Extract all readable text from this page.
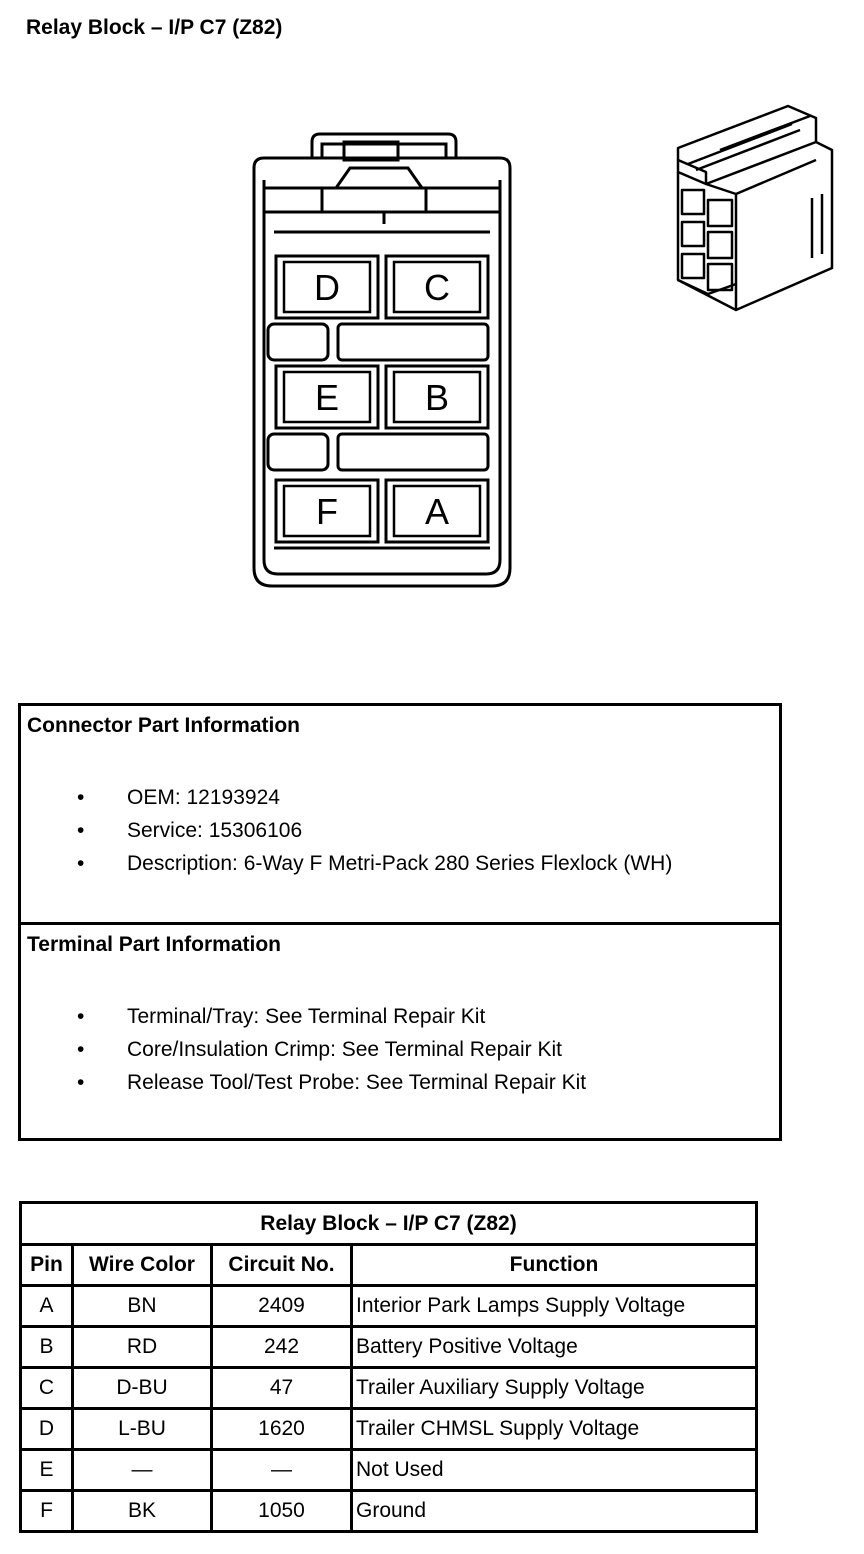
Relay Block – I/P C7 (Z82)
D C
E B
F A
Connector Part Information
• OEM: 12193924
• Service: 15306106
• Description: 6-Way F Metri-Pack 280 Series Flexlock (WH)
Terminal Part Information
• Terminal/Tray: See Terminal Repair Kit
• Core/Insulation Crimp: See Terminal Repair Kit
• Release Tool/Test Probe: See Terminal Repair Kit
Relay Block – I/P C7 (Z82)			
Pin	Wire Color	Circuit No.	Function
A	BN	2409	Interior Park Lamps Supply Voltage
B	RD	242	Battery Positive Voltage
C	D-BU	47	Trailer Auxiliary Supply Voltage
D	L-BU	1620	Trailer CHMSL Supply Voltage
E	—	—	Not Used
F	BK	1050	Ground
